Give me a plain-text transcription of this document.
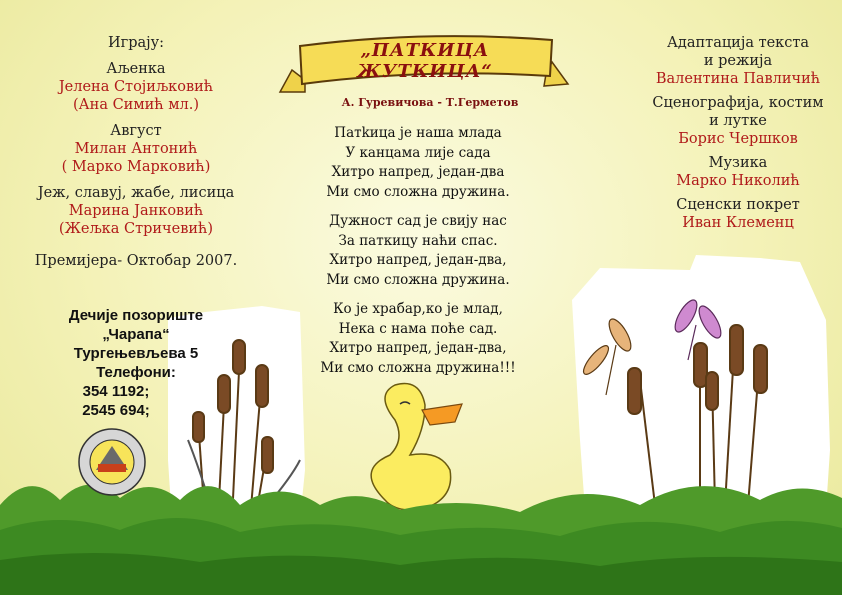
„ПАТКИЦА ЖУТКИЦА“
А. Гуревичова - Т.Герметов
Играју:
Аљенка
Јелена Стојиљковић
(Ана Симић мл.)
Август
Милан Антонић
( Марко Марковић)
Јеж, славуј, жабе, лисица
Марина Јанковић
(Жељка Стричевић)
Премијера- Октобар 2007.
Дечије позориште
„Чарапа“
Тургењевљева 5
Телефони:
354 1192;
2545 694;
Патkица је наша млада
У канцама лије сада
Хитро напред, један-два
Ми смо сложна дружина.
Дужност сад је свију нас
За паткицу наћи спас.
Хитро напред, један-два,
Ми смо сложна дружина.
Ко је храбар,ко је млад,
Нека с нама поће сад.
Хитро напред, један-два,
Ми смо сложна дружина!!!
Адаптација текста
и режија
Валентина Павличић
Сценографија, костим
и лутке
Борис Чершков
Музика
Марко Николић
Сценски покрет
Иван Клеменц
